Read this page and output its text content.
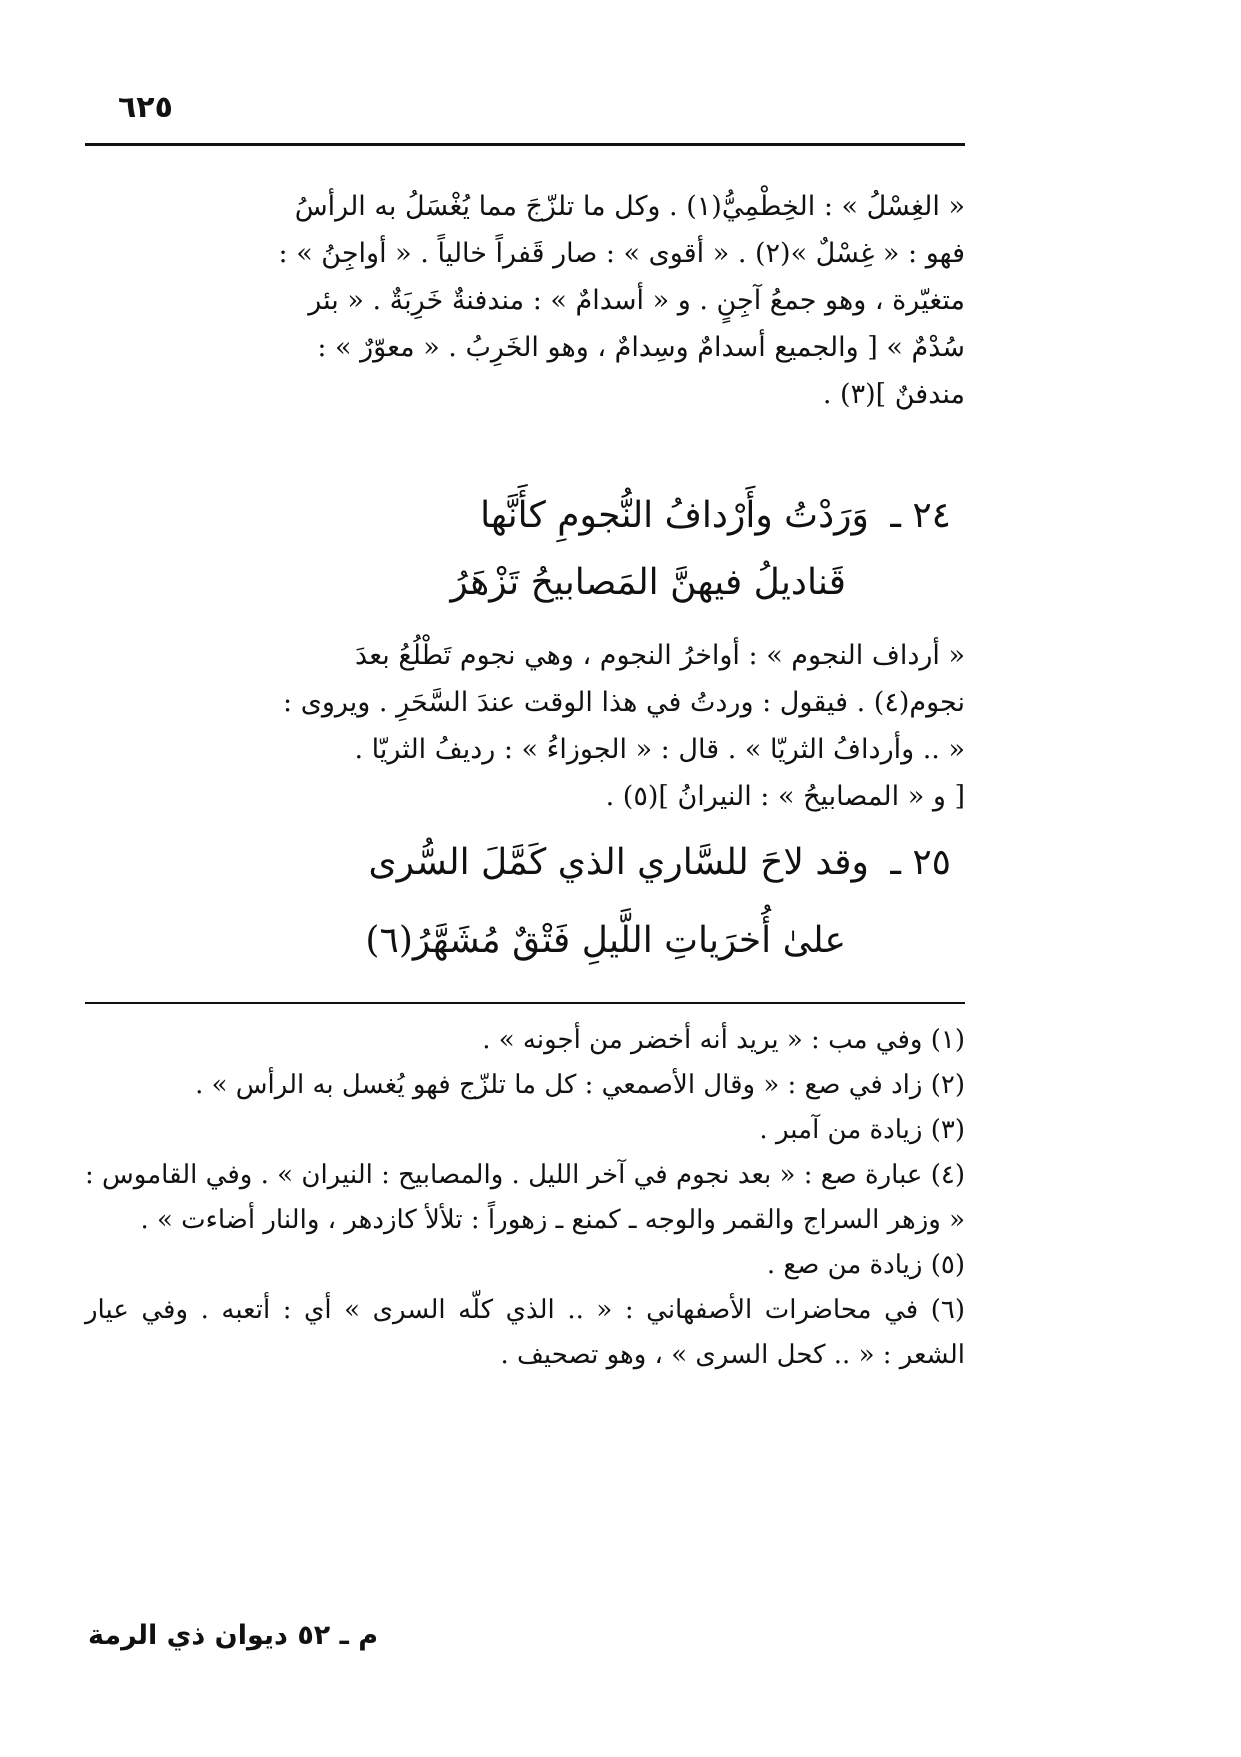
٦٢٥

« الغِسْلُ » : الخِطْمِيُّ(١) . وكل ما تلزّجَ مما يُغْسَلُ به الرأسُ

فهو : « غِسْلٌ »(٢) . « أقوى » : صار قَفراً خالياً . « أواجِنُ » :

متغيّرة ، وهو جمعُ آجِنٍ . و « أسدامٌ » : مندفنةٌ خَرِبَةٌ . « بئر

سُدْمٌ » [ والجميع أسدامٌ وسِدامٌ ، وهو الخَرِبُ . « معوّرٌ » :

مندفنٌ ](٣) .

٢٤ ـ وَرَدْتُ وأَرْدافُ النُّجومِ كأَنَّها
قَناديلُ فيهنَّ المَصابيحُ تَزْهَرُ

« أرداف النجوم » : أواخرُ النجوم ، وهي نجوم تَطْلُعُ بعدَ

نجوم(٤) . فيقول : وردتُ في هذا الوقت عندَ السَّحَرِ . ويروى :

« .. وأردافُ الثريّا » . قال : « الجوزاءُ » : رديفُ الثريّا .

[ و « المصابيحُ » : النيرانُ ](٥) .

٢٥ ـ وقد لاحَ للسَّاري الذي كَمَّلَ السُّرى
علىٰ أُخرَياتِ اللَّيلِ فَتْقٌ مُشَهَّرُ(٦)

(١) وفي مب : « يريد أنه أخضر من أجونه » .

(٢) زاد في صع : « وقال الأصمعي : كل ما تلزّج فهو يُغسل به الرأس » .

(٣) زيادة من آمبر .

(٤) عبارة صع : « بعد نجوم في آخر الليل . والمصابيح : النيران » . وفي القاموس : « وزهر السراج والقمر والوجه ـ كمنع ـ زهوراً : تلألأ كازدهر ، والنار أضاءت » .

(٥) زيادة من صع .

(٦) في محاضرات الأصفهاني : « .. الذي كلّه السرى » أي : أتعبه . وفي عيار الشعر : « .. كحل السرى » ، وهو تصحيف .

م ـ ٥٢ ديوان ذي الرمة
